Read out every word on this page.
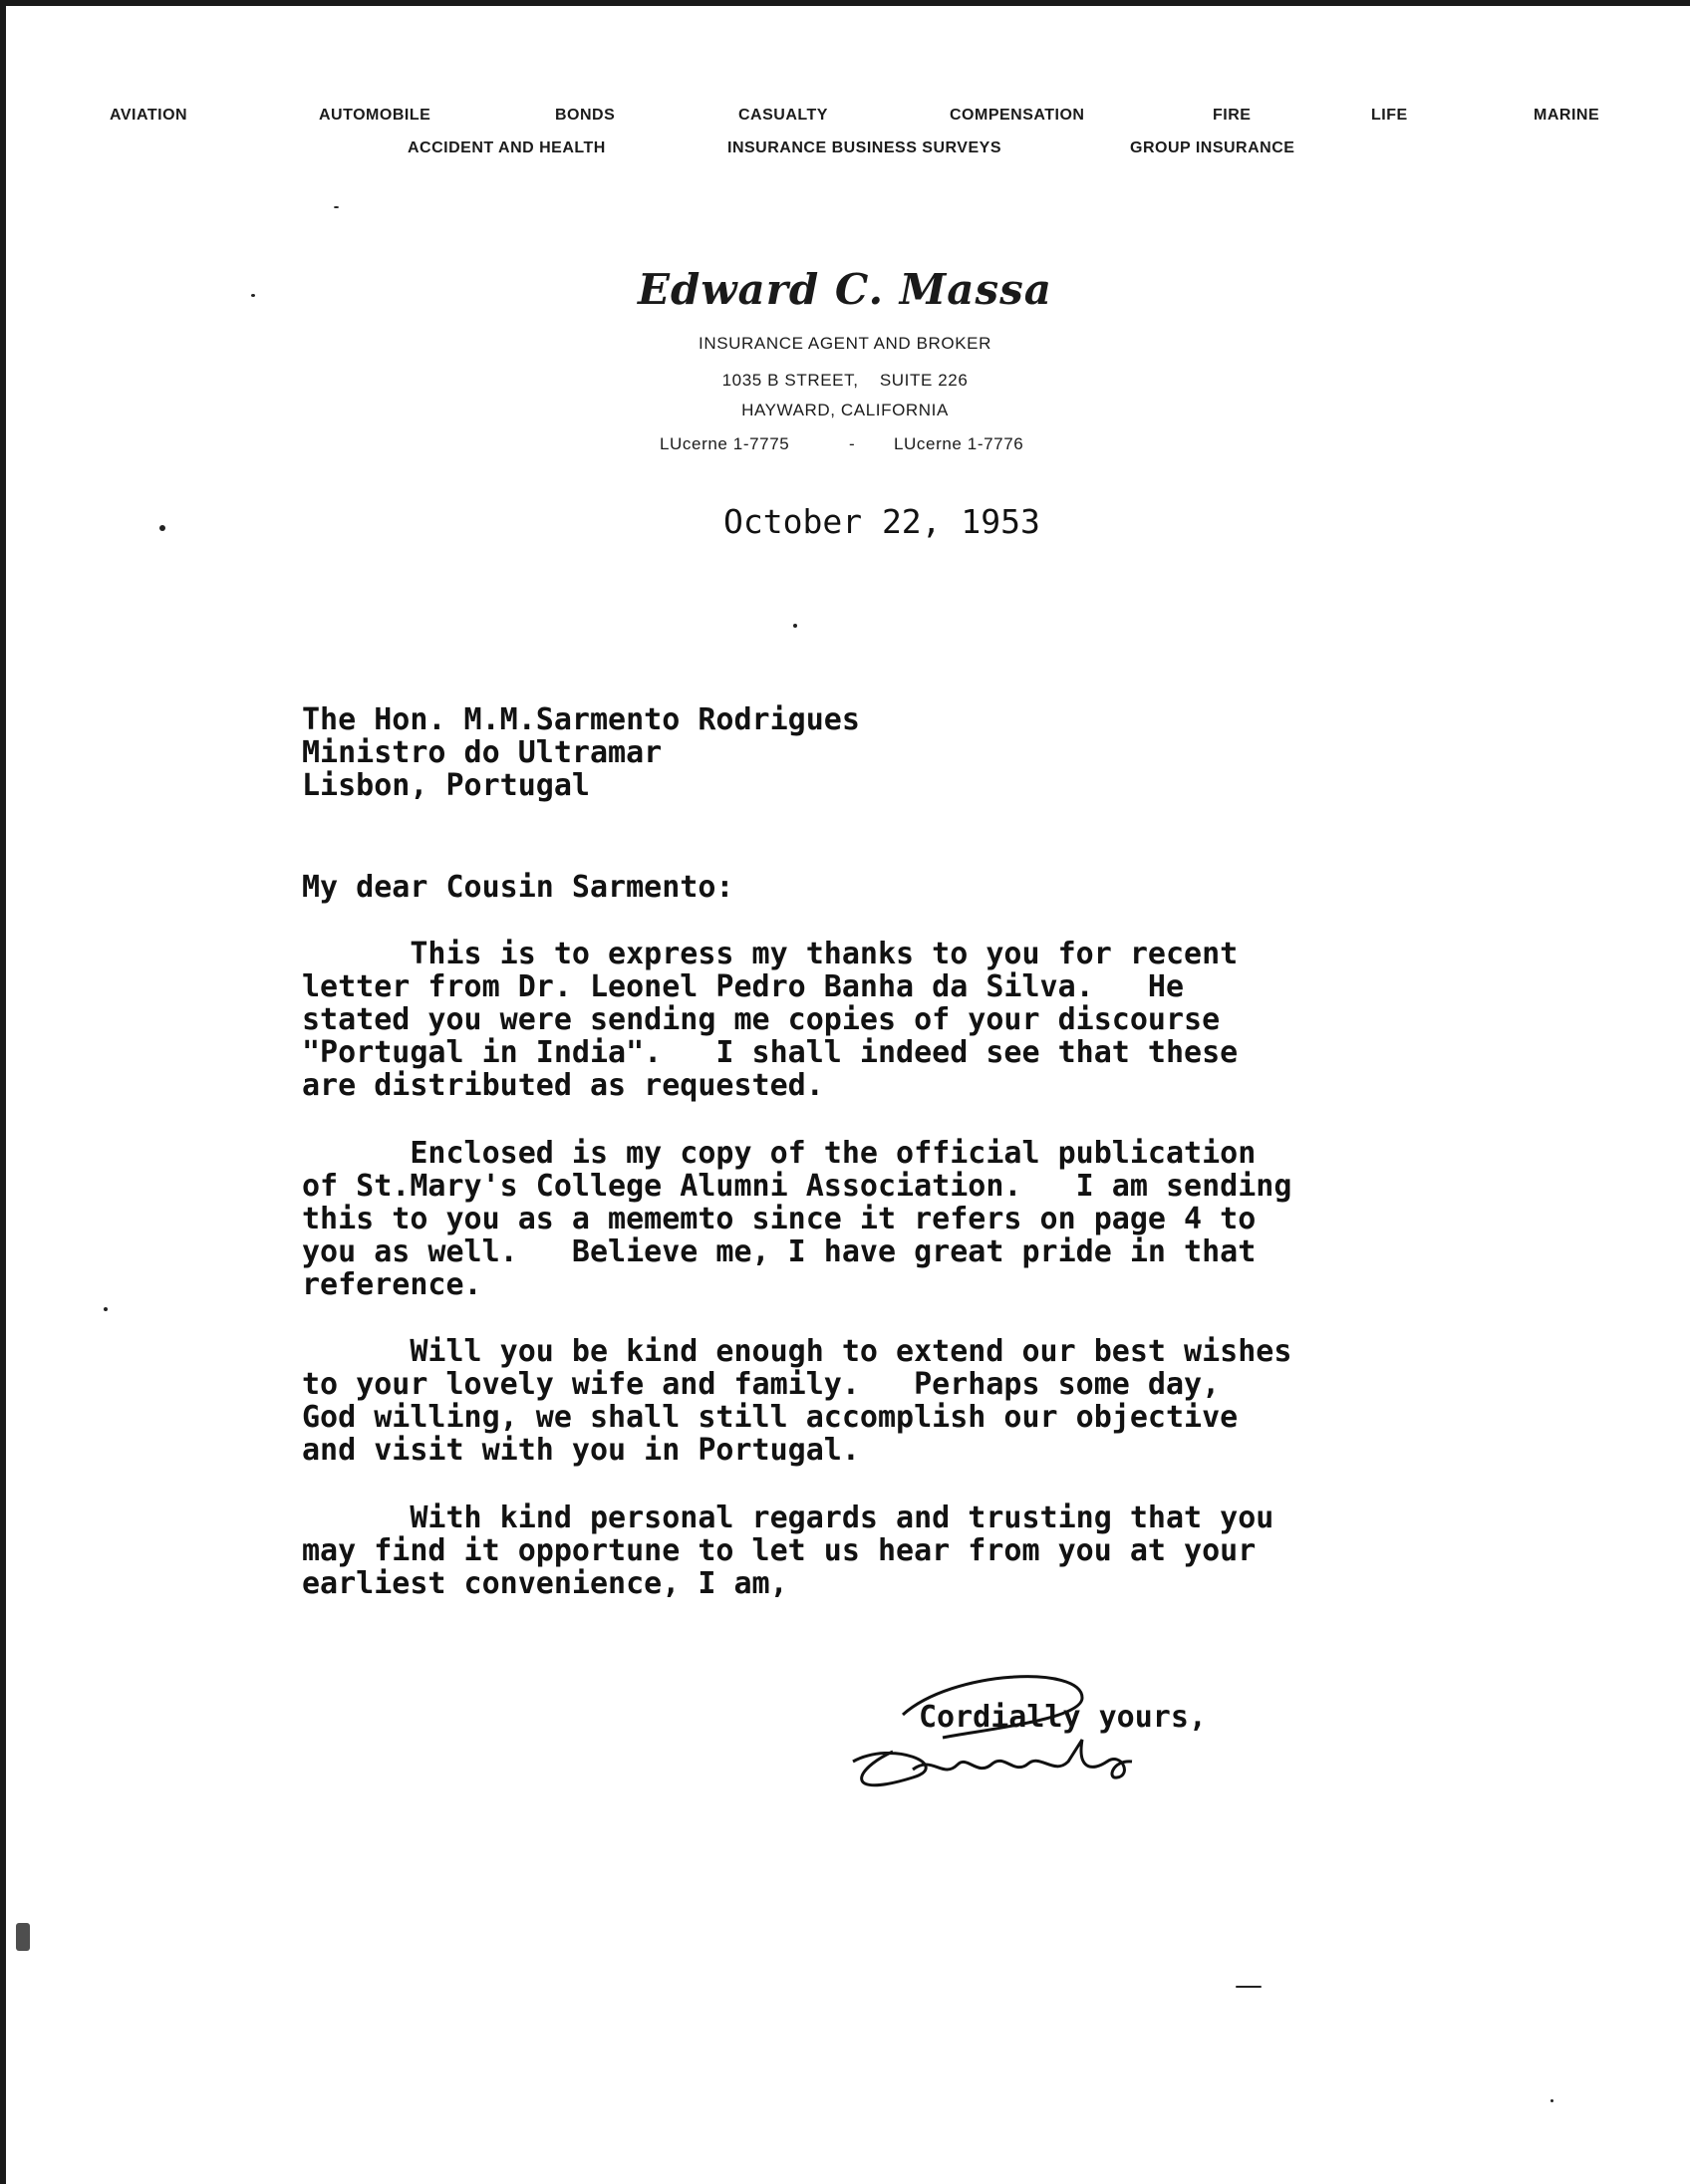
AVIATION	AUTOMOBILE	BONDS	CASUALTY	COMPENSATION	FIRE	LIFE	MARINE
ACCIDENT AND HEALTH	INSURANCE BUSINESS SURVEYS	GROUP INSURANCE
Edward C. Massa
INSURANCE AGENT AND BROKER
1035 B STREET,    SUITE 226
HAYWARD, CALIFORNIA
LUcerne 1-7775	- LUcerne 1-7776
October 22, 1953
The Hon. M.M.Sarmento Rodrigues
Ministro do Ultramar
Lisbon, Portugal
My dear Cousin Sarmento:
This is to express my thanks to you for recent
letter from Dr. Leonel Pedro Banha da Silva.   He
stated you were sending me copies of your discourse
"Portugal in India".   I shall indeed see that these
are distributed as requested.
Enclosed is my copy of the official publication
of St.Mary's College Alumni Association.   I am sending
this to you as a mememto since it refers on page 4 to
you as well.   Believe me, I have great pride in that
reference.
Will you be kind enough to extend our best wishes
to your lovely wife and family.   Perhaps some day,
God willing, we shall still accomplish our objective
and visit with you in Portugal.
With kind personal regards and trusting that you
may find it opportune to let us hear from you at your
earliest convenience, I am,
Cordially yours,
